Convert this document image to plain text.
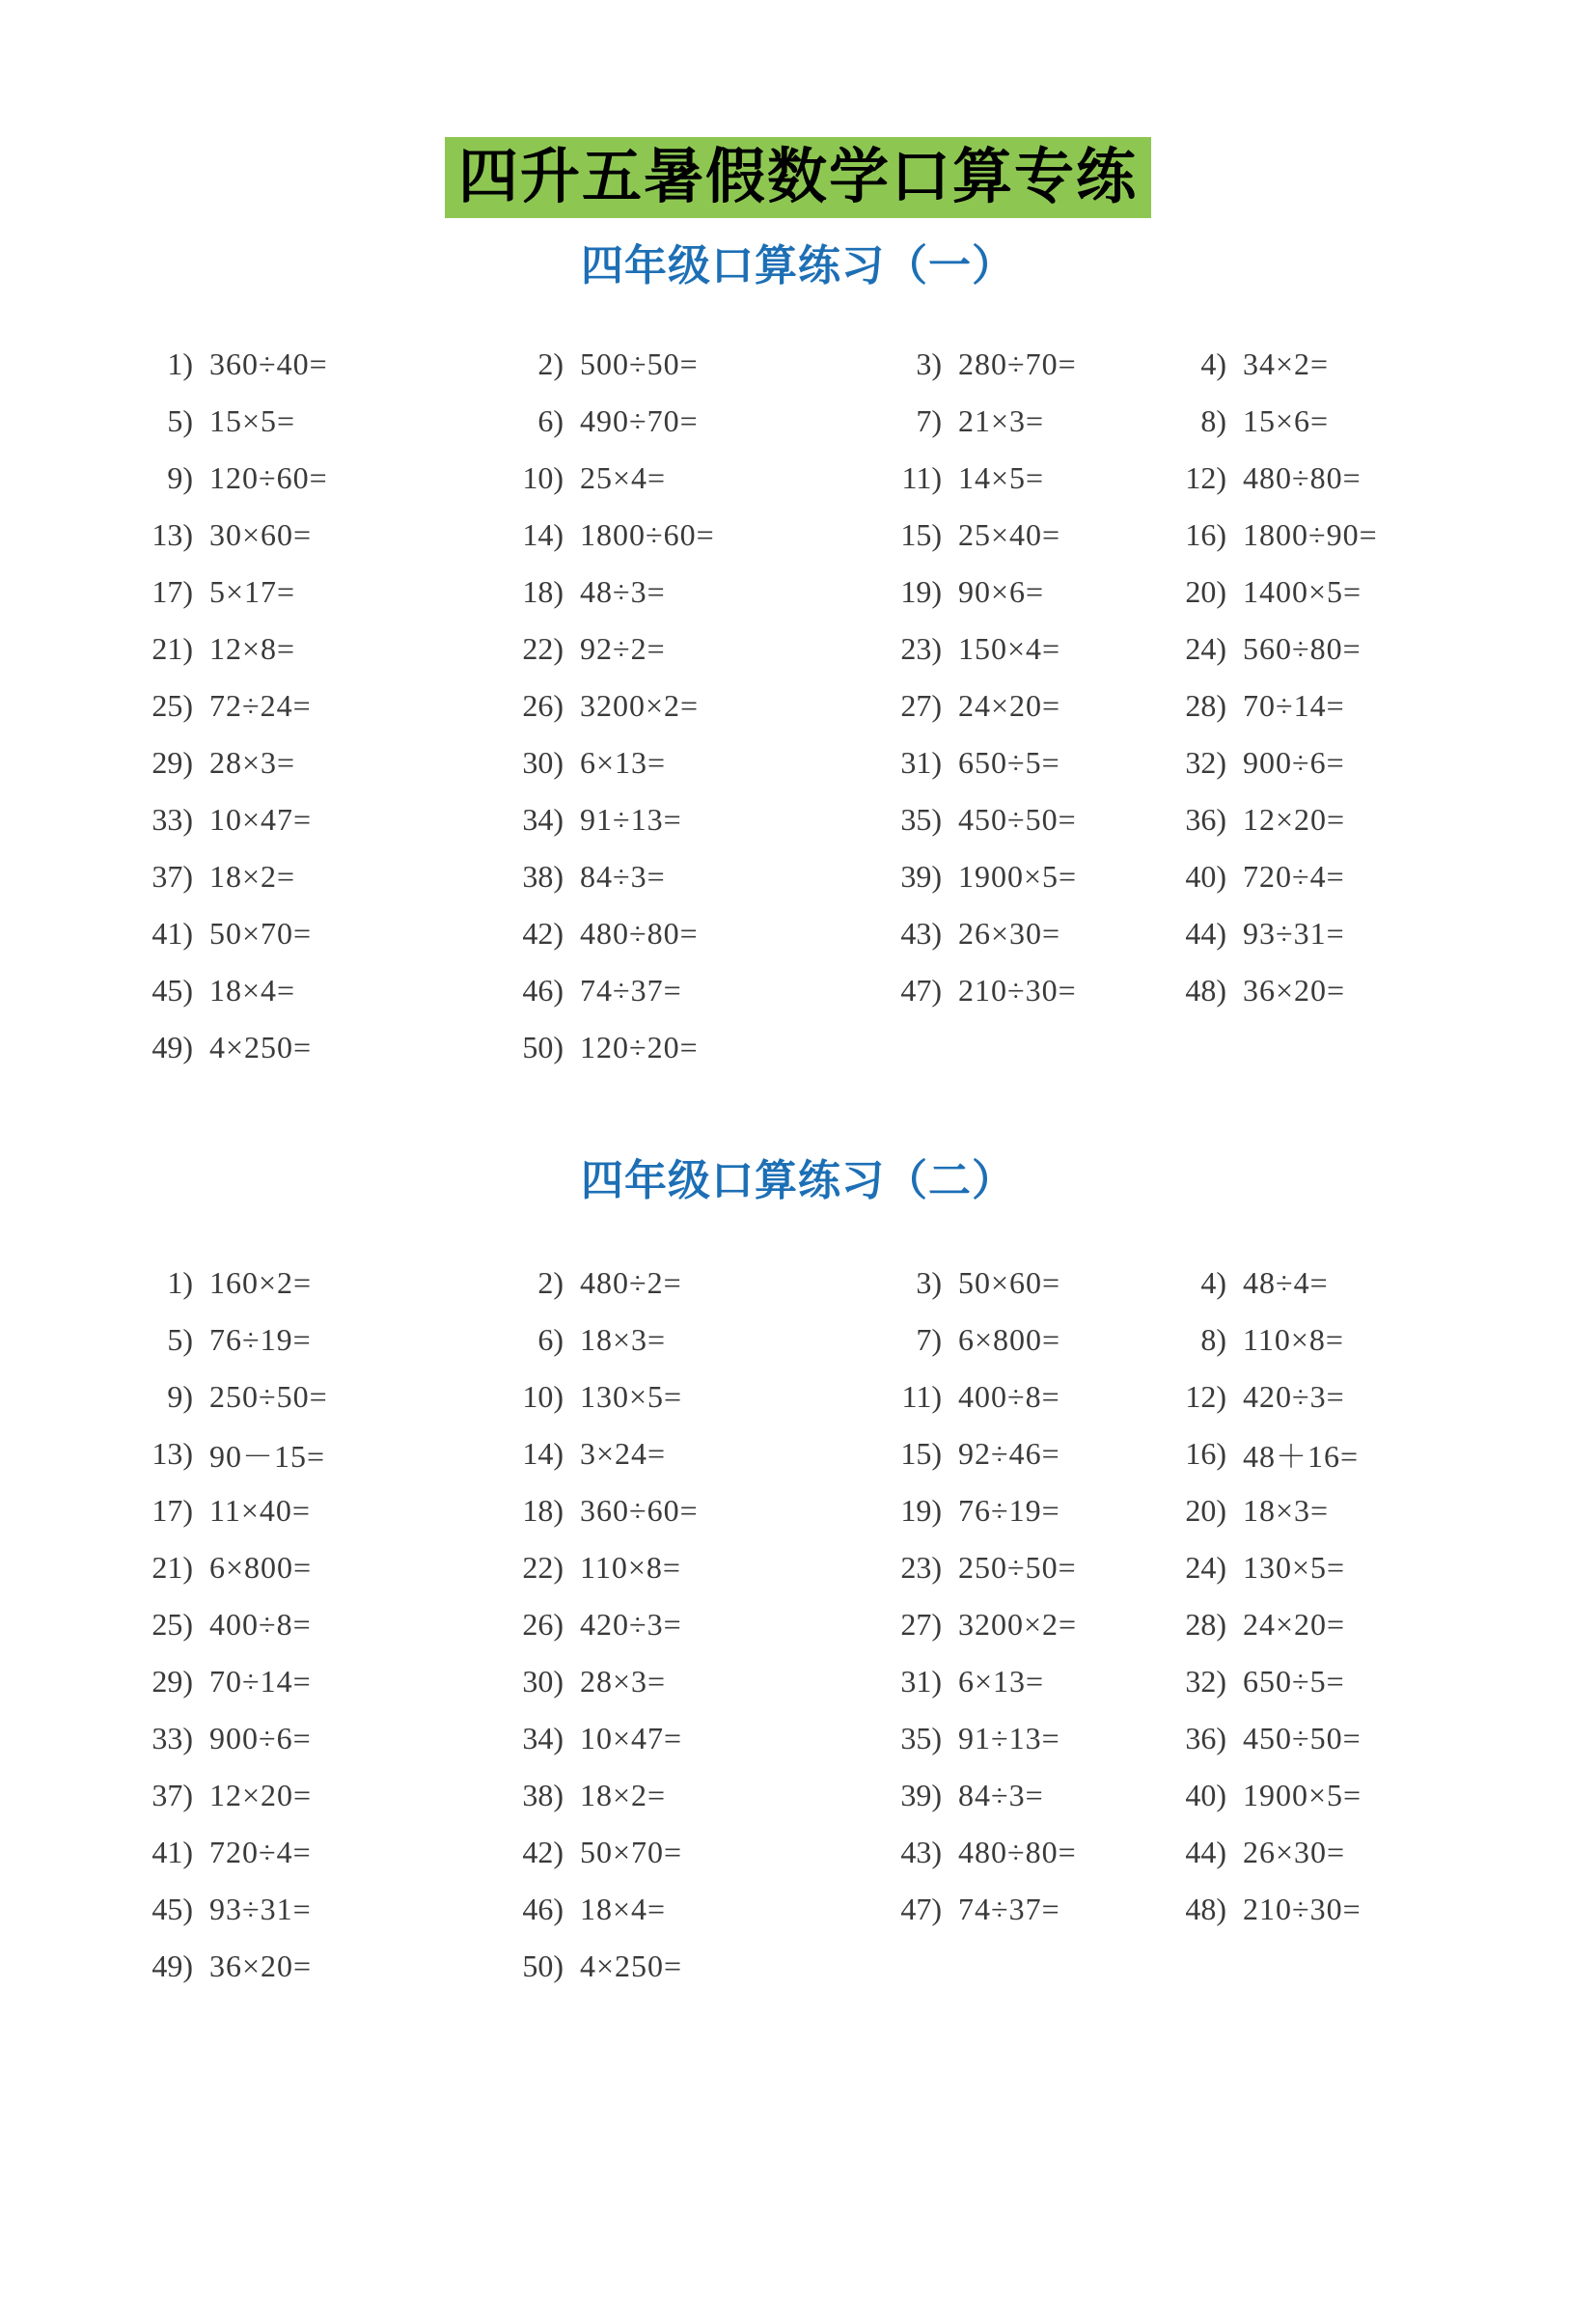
四升五暑假数学口算专练
四年级口算练习（一）
1) 360÷40=	2) 500÷50=	3) 280÷70=	4) 34×2=
5) 15×5=	6) 490÷70=	7) 21×3=	8) 15×6=
9) 120÷60=	10) 25×4=	11) 14×5=	12) 480÷80=
13) 30×60=	14) 1800÷60=	15) 25×40=	16) 1800÷90=
17) 5×17=	18) 48÷3=	19) 90×6=	20) 1400×5=
21) 12×8=	22) 92÷2=	23) 150×4=	24) 560÷80=
25) 72÷24=	26) 3200×2=	27) 24×20=	28) 70÷14=
29) 28×3=	30) 6×13=	31) 650÷5=	32) 900÷6=
33) 10×47=	34) 91÷13=	35) 450÷50=	36) 12×20=
37) 18×2=	38) 84÷3=	39) 1900×5=	40) 720÷4=
41) 50×70=	42) 480÷80=	43) 26×30=	44) 93÷31=
45) 18×4=	46) 74÷37=	47) 210÷30=	48) 36×20=
49) 4×250=	50) 120÷20=
四年级口算练习（二）
1) 160×2=	2) 480÷2=	3) 50×60=	4) 48÷4=
5) 76÷19=	6) 18×3=	7) 6×800=	8) 110×8=
9) 250÷50=	10) 130×5=	11) 400÷8=	12) 420÷3=
13) 90－15=	14) 3×24=	15) 92÷46=	16) 48＋16=
17) 11×40=	18) 360÷60=	19) 76÷19=	20) 18×3=
21) 6×800=	22) 110×8=	23) 250÷50=	24) 130×5=
25) 400÷8=	26) 420÷3=	27) 3200×2=	28) 24×20=
29) 70÷14=	30) 28×3=	31) 6×13=	32) 650÷5=
33) 900÷6=	34) 10×47=	35) 91÷13=	36) 450÷50=
37) 12×20=	38) 18×2=	39) 84÷3=	40) 1900×5=
41) 720÷4=	42) 50×70=	43) 480÷80=	44) 26×30=
45) 93÷31=	46) 18×4=	47) 74÷37=	48) 210÷30=
49) 36×20=	50) 4×250=
